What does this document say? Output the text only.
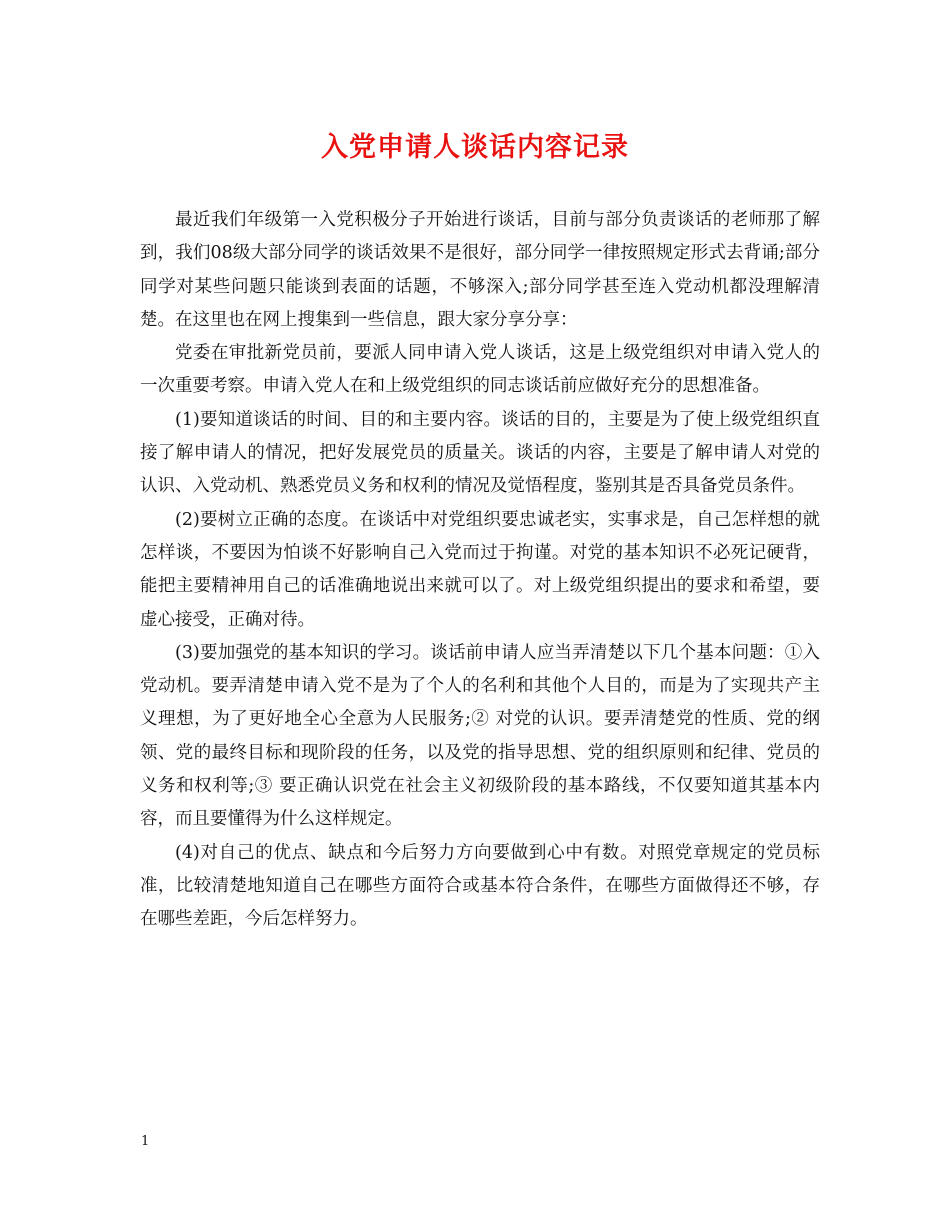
入党申请人谈话内容记录

最近我们年级第一入党积极分子开始进行谈话，目前与部分负责谈话的老师那了解到，我们08级大部分同学的谈话效果不是很好，部分同学一律按照规定形式去背诵;部分同学对某些问题只能谈到表面的话题，不够深入;部分同学甚至连入党动机都没理解清楚。在这里也在网上搜集到一些信息，跟大家分享分享：

党委在审批新党员前，要派人同申请入党人谈话，这是上级党组织对申请入党人的一次重要考察。申请入党人在和上级党组织的同志谈话前应做好充分的思想准备。

(1)要知道谈话的时间、目的和主要内容。谈话的目的，主要是为了使上级党组织直接了解申请人的情况，把好发展党员的质量关。谈话的内容，主要是了解申请人对党的认识、入党动机、熟悉党员义务和权利的情况及觉悟程度，鉴别其是否具备党员条件。

(2)要树立正确的态度。在谈话中对党组织要忠诚老实，实事求是，自己怎样想的就怎样谈，不要因为怕谈不好影响自己入党而过于拘谨。对党的基本知识不必死记硬背，能把主要精神用自己的话准确地说出来就可以了。对上级党组织提出的要求和希望，要虚心接受，正确对待。

(3)要加强党的基本知识的学习。谈话前申请人应当弄清楚以下几个基本问题：①入党动机。要弄清楚申请入党不是为了个人的名利和其他个人目的，而是为了实现共产主义理想，为了更好地全心全意为人民服务;② 对党的认识。要弄清楚党的性质、党的纲领、党的最终目标和现阶段的任务，以及党的指导思想、党的组织原则和纪律、党员的义务和权利等;③ 要正确认识党在社会主义初级阶段的基本路线，不仅要知道其基本内容，而且要懂得为什么这样规定。

(4)对自己的优点、缺点和今后努力方向要做到心中有数。对照党章规定的党员标准，比较清楚地知道自己在哪些方面符合或基本符合条件，在哪些方面做得还不够，存在哪些差距，今后怎样努力。

1
